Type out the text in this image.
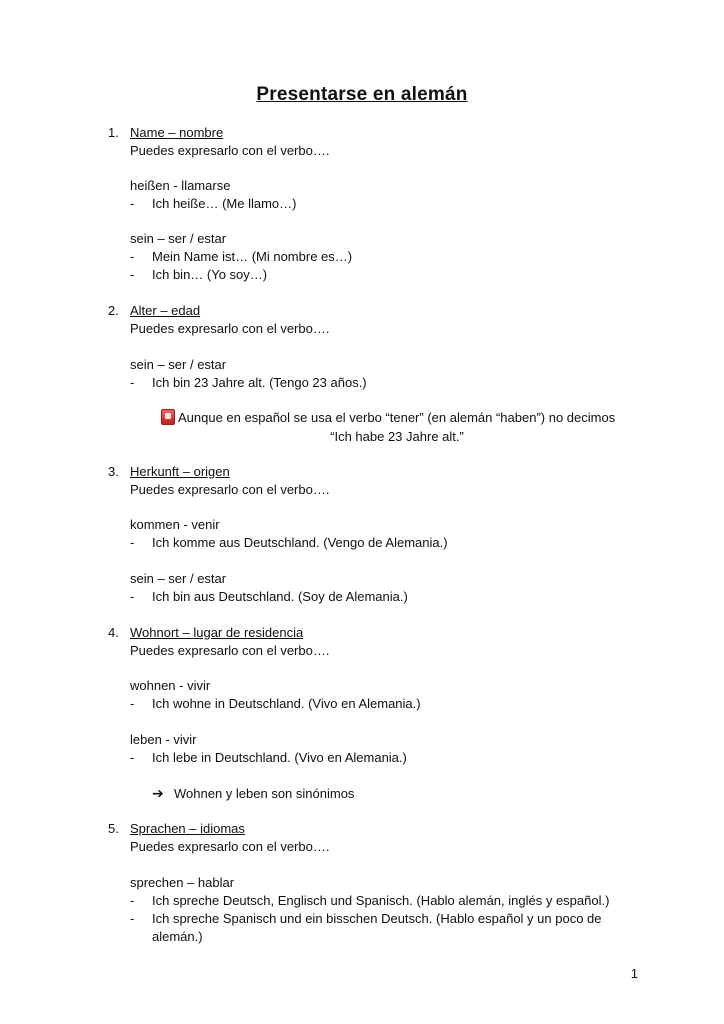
Presentarse en alemán
1. Name – nombre
Puedes expresarlo con el verbo….
heißen - llamarse
- Ich heiße… (Me llamo…)
sein – ser / estar
- Mein Name ist… (Mi nombre es…)
- Ich bin… (Yo soy…)
2. Alter – edad
Puedes expresarlo con el verbo….
sein – ser / estar
- Ich bin 23 Jahre alt. (Tengo 23 años.)
Aunque en español se usa el verbo “tener” (en alemán “haben”) no decimos
“Ich habe 23 Jahre alt.”
3. Herkunft – origen
Puedes expresarlo con el verbo….
kommen - venir
- Ich komme aus Deutschland. (Vengo de Alemania.)
sein – ser / estar
- Ich bin aus Deutschland. (Soy de Alemania.)
4. Wohnort – lugar de residencia
Puedes expresarlo con el verbo….
wohnen - vivir
- Ich wohne in Deutschland. (Vivo en Alemania.)
leben - vivir
- Ich lebe in Deutschland. (Vivo en Alemania.)
➔ Wohnen y leben son sinónimos
5. Sprachen – idiomas
Puedes expresarlo con el verbo….
sprechen – hablar
- Ich spreche Deutsch, Englisch und Spanisch. (Hablo alemán, inglés y español.)
- Ich spreche Spanisch und ein bisschen Deutsch. (Hablo español y un poco de
alemán.)
1
